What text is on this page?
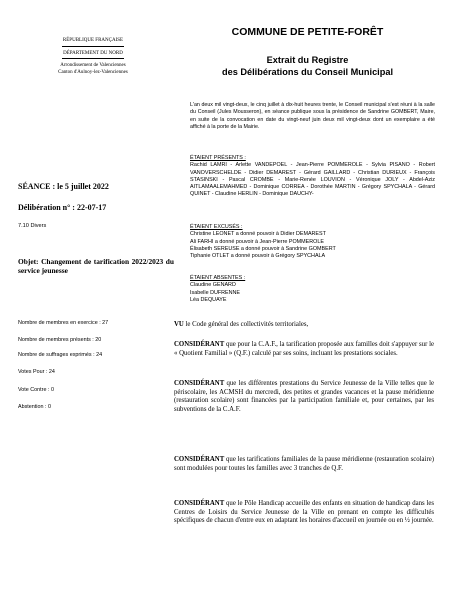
RÉPUBLIQUE FRANÇAISE
DÉPARTEMENT DU NORD
Arrondissement de Valenciennes
Canton d'Aulnoy-lez-Valenciennes
COMMUNE DE PETITE-FORÊT
Extrait du Registre
des Délibérations du Conseil Municipal
SÉANCE : le 5 juillet 2022
Délibération n° : 22-07-17
7.10 Divers
Objet: Changement de tarification 2022/2023 du service jeunesse
Nombre de membres en exercice : 27
Nombre de membres présents : 20
Nombre de suffrages exprimés : 24
Votes Pour : 24
Vote Contre : 0
Abstention : 0
L'an deux mil vingt-deux, le cinq juillet à dix-huit heures trente, le Conseil municipal s'est réuni à la salle du Conseil (Jules Mousseron), en séance publique sous la présidence de Sandrine GOMBERT, Maire, en suite de la convocation en date du vingt-neuf juin deux mil vingt-deux dont un exemplaire a été affiché à la porte de la Mairie.
ÉTAIENT PRÉSENTS :
Rachid LAMRI - Arlette VANDEPOEL - Jean-Pierre POMMEROLE - Sylvia PISANO - Robert VANOVERSCHELDE - Didier DEMAREST - Gérard GAILLARD - Christian DURIEUX - François STASINSKI - Pascal CROMBE - Marie-Renée LOUVION - Véronique JOLY - Abdel-Aziz AITLAMAALEMAHMED - Dominique CORREA - Dorothée MARTIN - Grégory SPYCHALA - Gérard QUINET - Claudine HERLIN - Dominique DAUCHY-
ÉTAIENT EXCUSÉS :
Christine LEONET a donné pouvoir à Didier DEMAREST
Ali FARHI a donné pouvoir à Jean-Pierre POMMEROLE
Élisabeth SEREUSE a donné pouvoir à Sandrine GOMBERT
Tiphanie OTLET a donné pouvoir à Grégory SPYCHALA
ÉTAIENT ABSENTES :
Claudine GENARD
Isabelle DUFRENNE
Léa DEQUAYE
VU le Code général des collectivités territoriales,
CONSIDÉRANT que pour la C.A.F., la tarification proposée aux familles doit s'appuyer sur le « Quotient Familial » (Q.F.) calculé par ses soins, incluant les prestations sociales.
CONSIDÉRANT que les différentes prestations du Service Jeunesse de la Ville telles que le périscolaire, les ACMSH du mercredi, des petites et grandes vacances et la pause méridienne (restauration scolaire) sont financées par la participation familiale et, pour certaines, par les subventions de la C.A.F.
CONSIDÉRANT que les tarifications familiales de la pause méridienne (restauration scolaire) sont modulées pour toutes les familles avec 3 tranches de Q.F.
CONSIDÉRANT que le Pôle Handicap accueille des enfants en situation de handicap dans les Centres de Loisirs du Service Jeunesse de la Ville en prenant en compte les difficultés spécifiques de chacun d'entre eux en adaptant les horaires d'accueil en journée ou en ½ journée.
